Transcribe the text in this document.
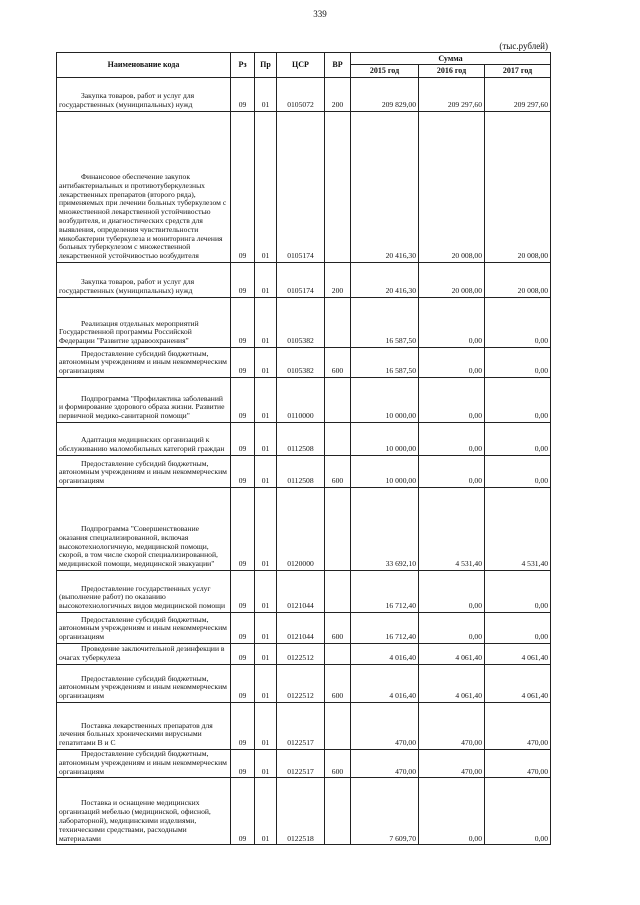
339
(тыс.рублей)
Наименование кода	Рз	Пр	ЦСР	ВР	Сумма		
					2015 год	2016 год	2017 год

Закупка товаров, работ и услуг для государственных (муниципальных) нужд	09	01	0105072	200	209 829,00	209 297,60	209 297,60

Финансовое обеспечение закупок антибактериальных и противотуберкулезных лекарственных препаратов (второго ряда), применяемых при лечении больных туберкулезом с множественной лекарственной устойчивостью возбудителя, и диагностических средств для выявления, определения чувствительности микобактерии туберкулеза и мониторинга лечения больных туберкулезом с множественной лекарственной устойчивостью возбудителя	09	01	0105174		20 416,30	20 008,00	20 008,00

Закупка товаров, работ и услуг для государственных (муниципальных) нужд	09	01	0105174	200	20 416,30	20 008,00	20 008,00

Реализация отдельных мероприятий Государственной программы Российской Федерации "Развитие здравоохранения"	09	01	0105382		16 587,50	0,00	0,00

Предоставление субсидий бюджетным, автономным учреждениям и иным некоммерческим организациям	09	01	0105382	600	16 587,50	0,00	0,00

Подпрограмма "Профилактика заболеваний и формирование здорового образа жизни. Развитие первичной медико-санитарной помощи"	09	01	0110000		10 000,00	0,00	0,00

Адаптация медицинских организаций к обслуживанию маломобильных категорий граждан	09	01	0112508		10 000,00	0,00	0,00

Предоставление субсидий бюджетным, автономным учреждениям и иным некоммерческим организациям	09	01	0112508	600	10 000,00	0,00	0,00

Подпрограмма "Совершенствование оказания специализированной, включая высокотехнологичную, медицинской помощи, скорой, в том числе скорой специализированной, медицинской помощи, медицинской эвакуации"	09	01	0120000		33 692,10	4 531,40	4 531,40

Предоставление государственных услуг (выполнение работ) по оказанию высокотехнологичных видов медицинской помощи	09	01	0121044		16 712,40	0,00	0,00

Предоставление субсидий бюджетным, автономным учреждениям и иным некоммерческим организациям	09	01	0121044	600	16 712,40	0,00	0,00

Проведение заключительной дезинфекции в очагах туберкулеза	09	01	0122512		4 016,40	4 061,40	4 061,40

Предоставление субсидий бюджетным, автономным учреждениям и иным некоммерческим организациям	09	01	0122512	600	4 016,40	4 061,40	4 061,40

Поставка лекарственных препаратов для лечения больных хроническими вирусными гепатитами В и С	09	01	0122517		470,00	470,00	470,00

Предоставление субсидий бюджетным, автономным учреждениям и иным некоммерческим организациям	09	01	0122517	600	470,00	470,00	470,00

Поставка и оснащение медицинских организаций мебелью (медицинской, офисной, лабораторной), медицинскими изделиями, техническими средствами, расходными материалами	09	01	0122518		7 609,70	0,00	0,00
